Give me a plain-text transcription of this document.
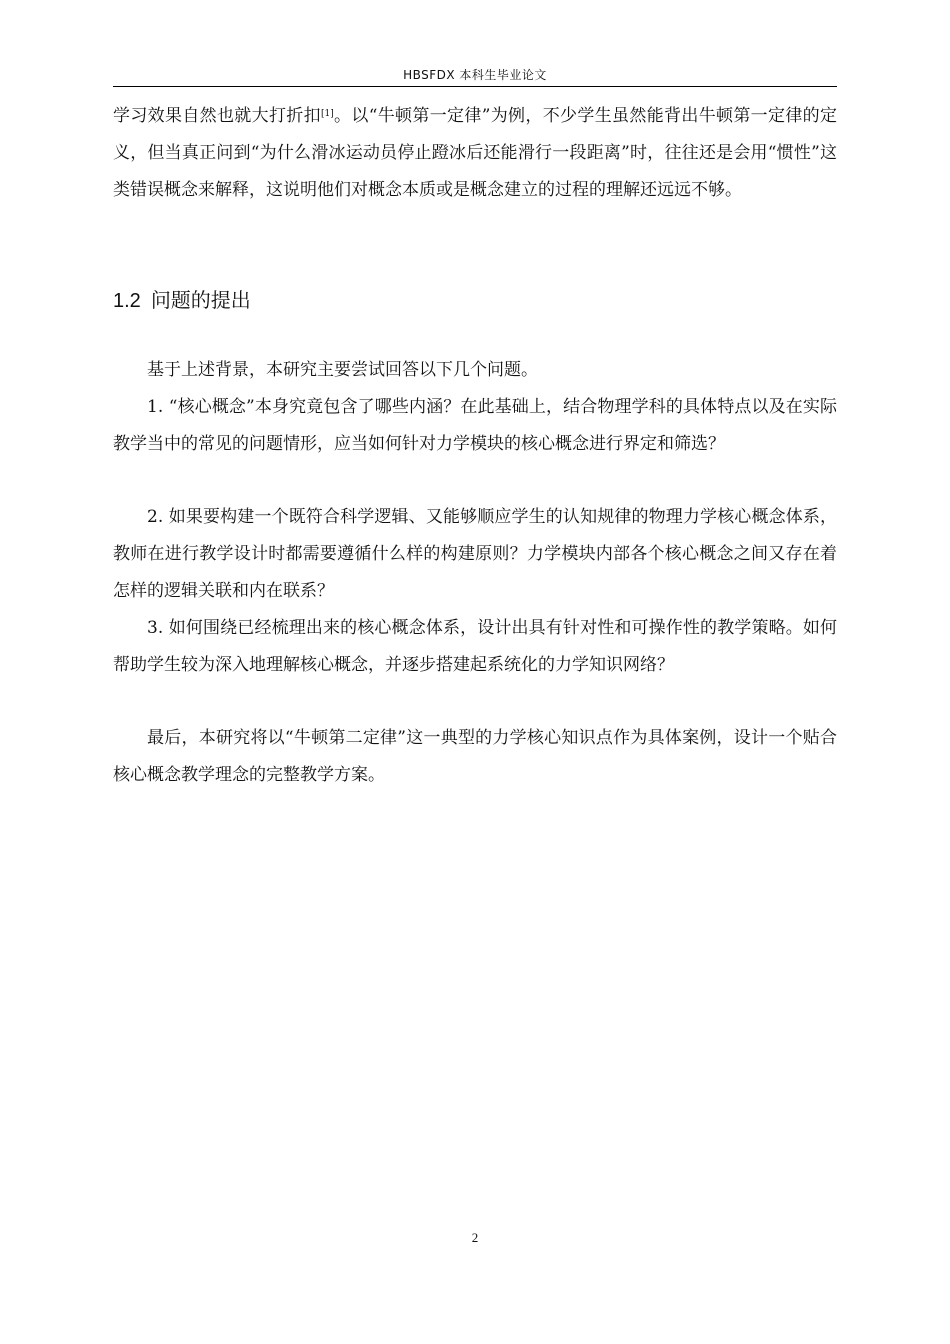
HBSFDX 本科生毕业论文

学习效果自然也就大打折扣[1]。以“牛顿第一定律”为例，不少学生虽然能背出牛顿第一定律的定义，但当真正问到“为什么滑冰运动员停止蹬冰后还能滑行一段距离”时，往往还是会用“惯性”这类错误概念来解释，这说明他们对概念本质或是概念建立的过程的理解还远远不够。

1.2 问题的提出

基于上述背景，本研究主要尝试回答以下几个问题。

1. “核心概念”本身究竟包含了哪些内涵？在此基础上，结合物理学科的具体特点以及在实际教学当中的常见的问题情形，应当如何针对力学模块的核心概念进行界定和筛选？

2. 如果要构建一个既符合科学逻辑、又能够顺应学生的认知规律的物理力学核心概念体系，教师在进行教学设计时都需要遵循什么样的构建原则？力学模块内部各个核心概念之间又存在着怎样的逻辑关联和内在联系？

3. 如何围绕已经梳理出来的核心概念体系，设计出具有针对性和可操作性的教学策略。如何帮助学生较为深入地理解核心概念，并逐步搭建起系统化的力学知识网络？

最后，本研究将以“牛顿第二定律”这一典型的力学核心知识点作为具体案例，设计一个贴合核心概念教学理念的完整教学方案。

2
